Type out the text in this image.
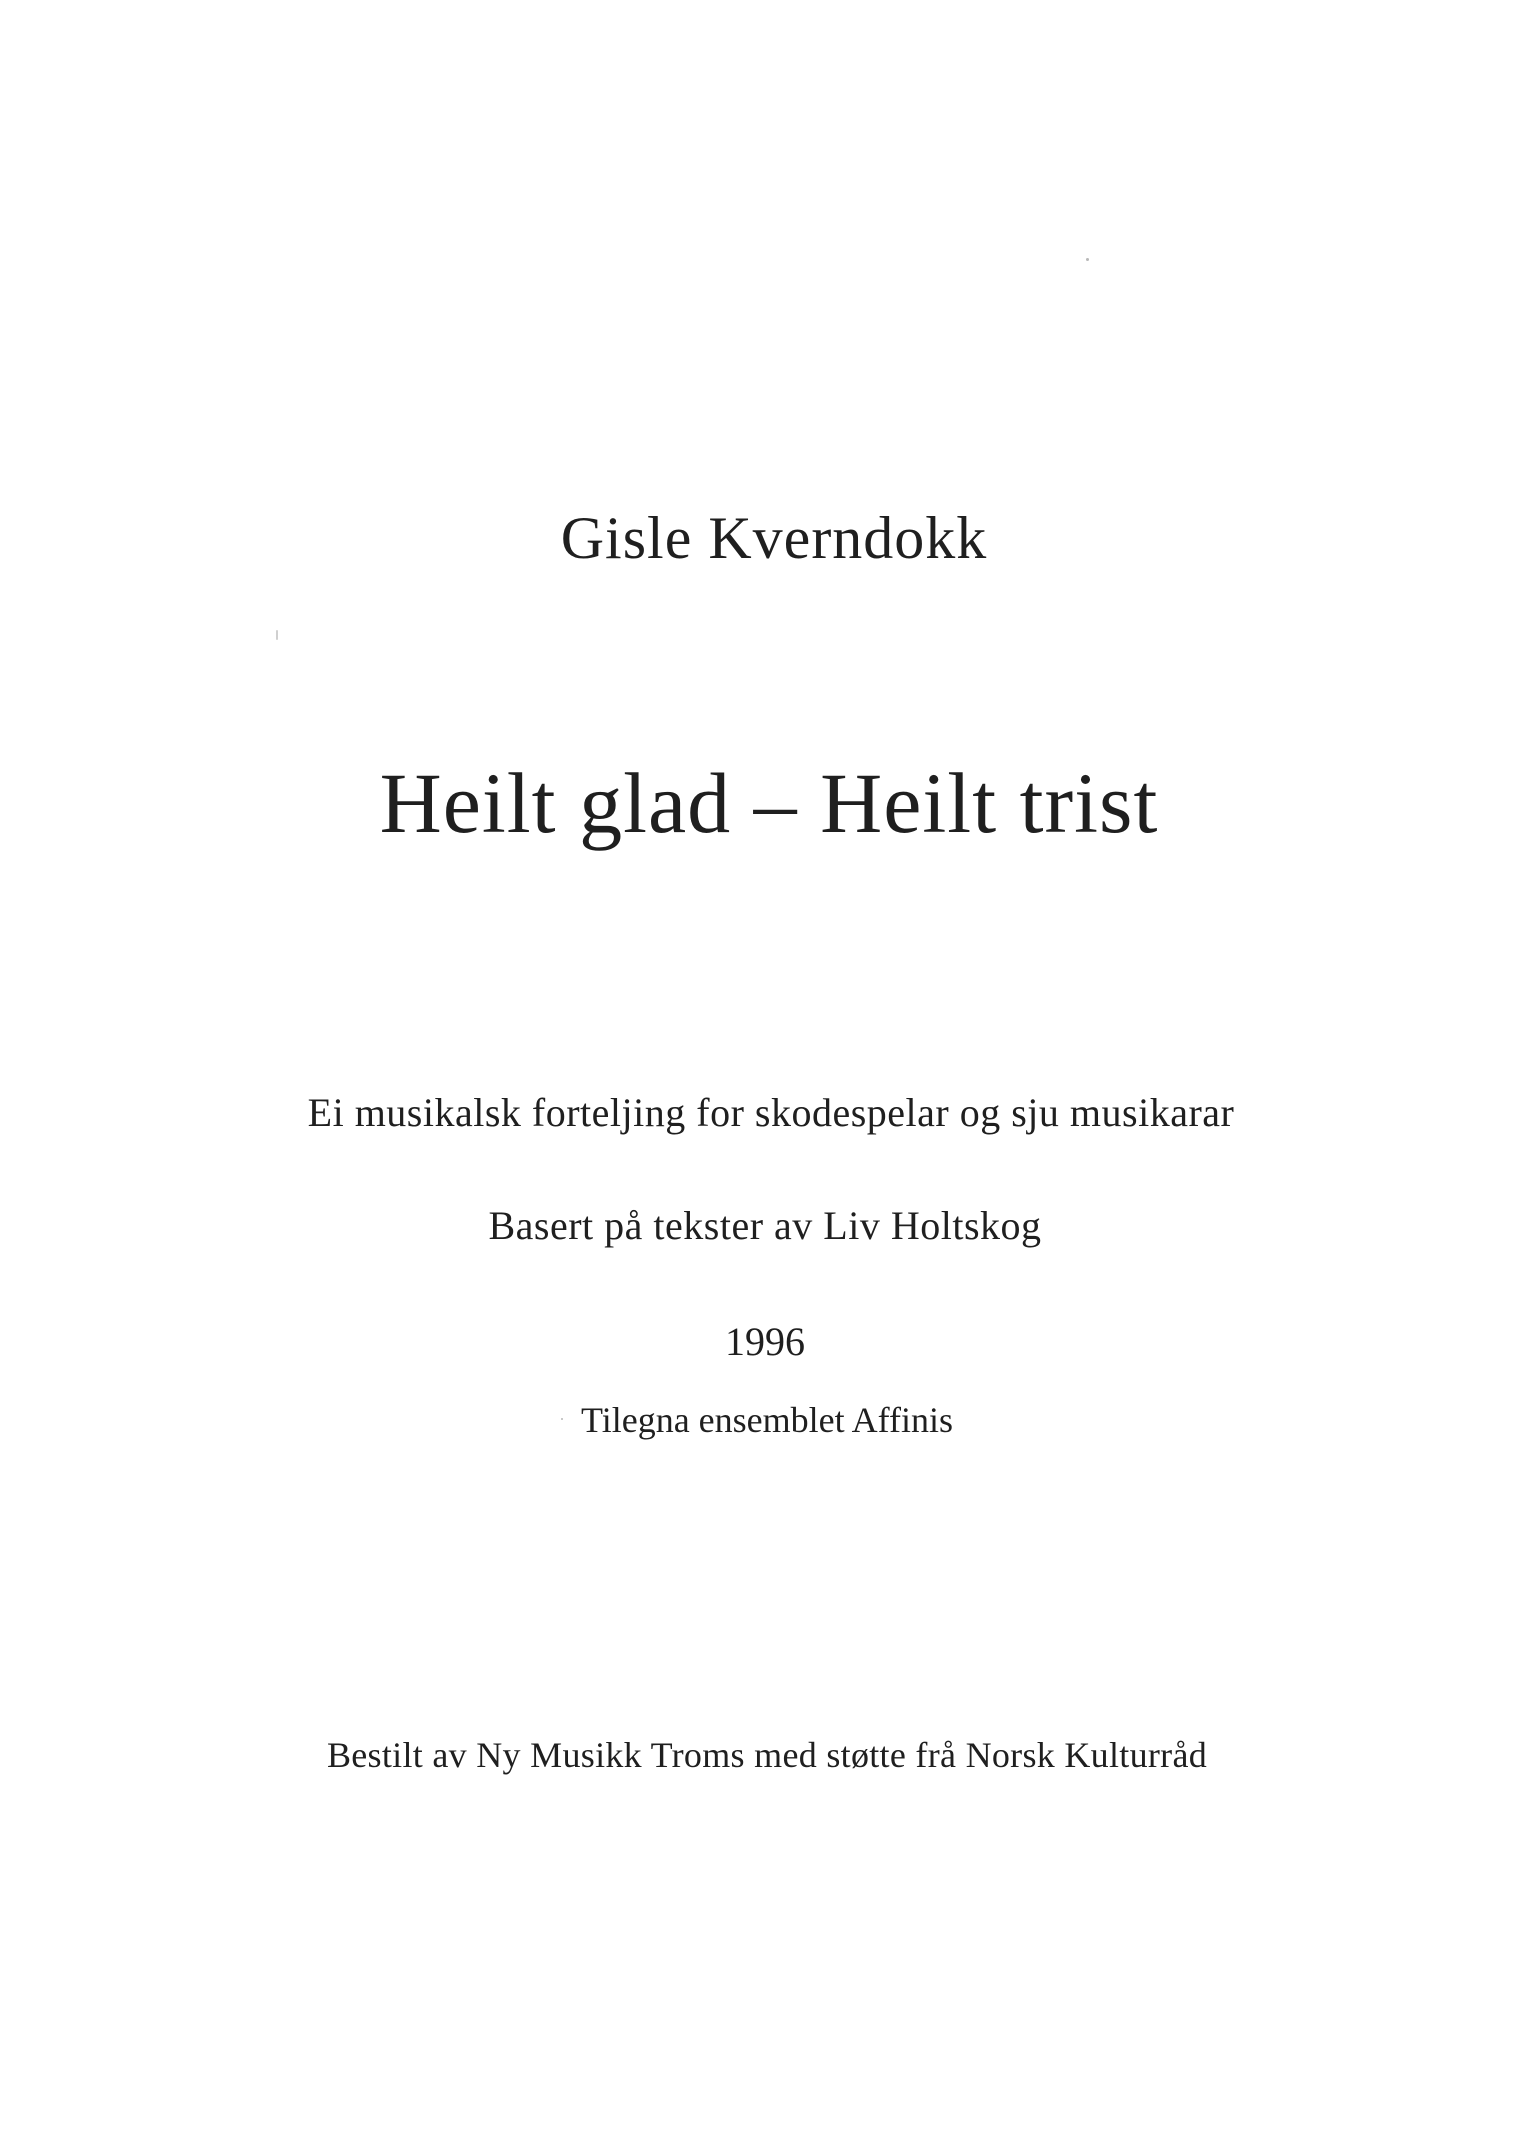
Gisle Kverndokk
Heilt glad – Heilt trist
Ei musikalsk forteljing for skodespelar og sju musikarar
Basert på tekster av Liv Holtskog
1996
Tilegna ensemblet Affinis
Bestilt av Ny Musikk Troms med støtte frå Norsk Kulturråd
